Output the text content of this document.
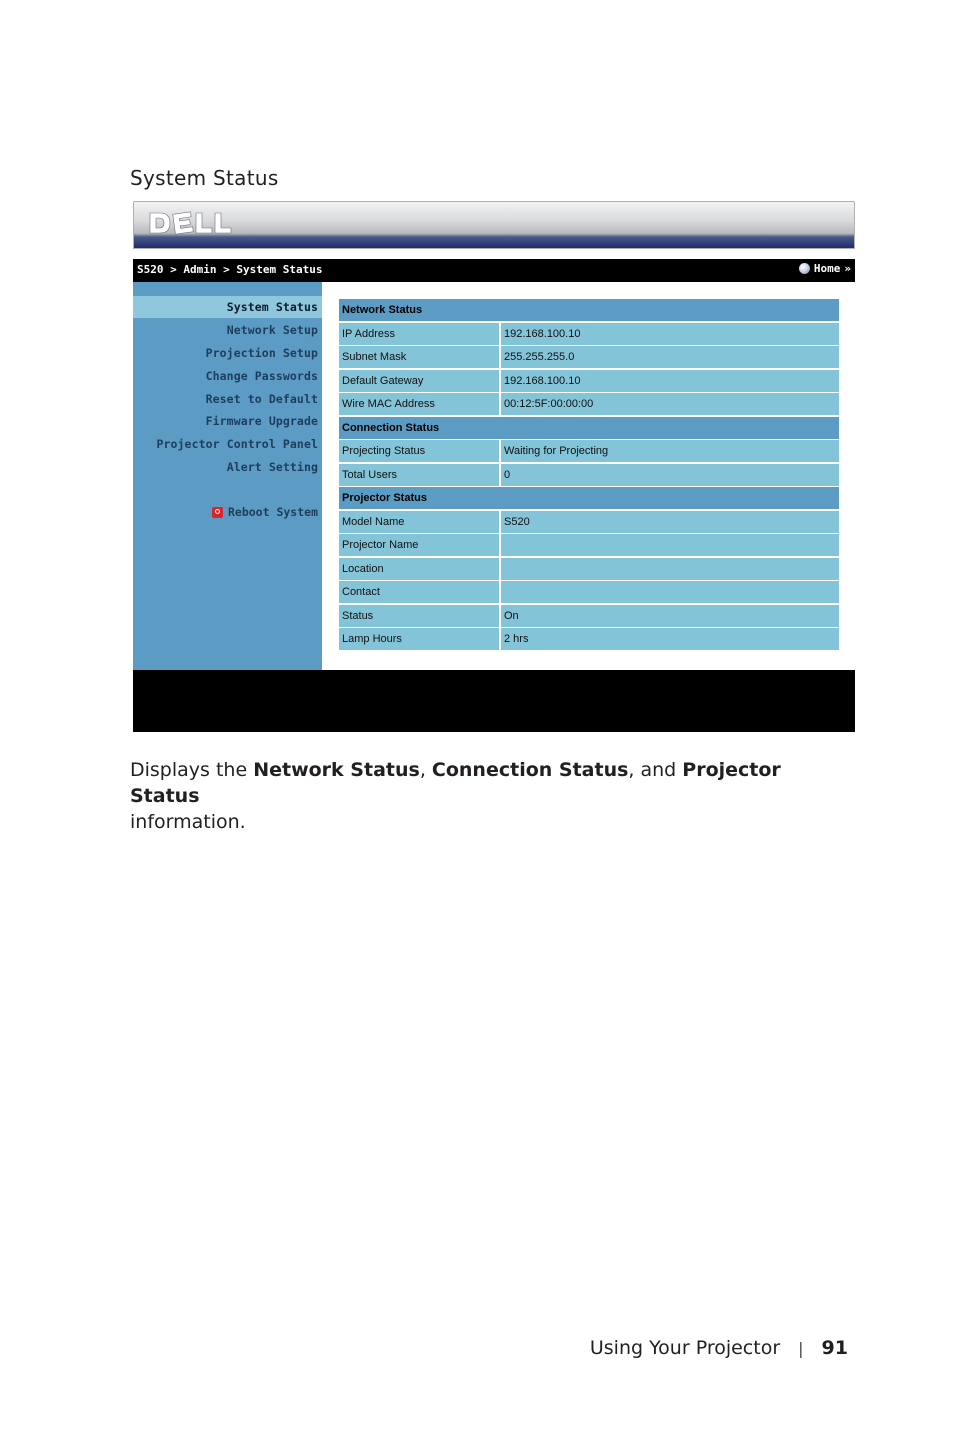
System Status
S520 > Admin > System Status	Home »
System Status
Network Setup
Projection Setup
Change Passwords
Reset to Default
Firmware Upgrade
Projector Control Panel
Alert Setting
Reboot System
Network Status
IP Address	192.168.100.10
Subnet Mask	255.255.255.0
Default Gateway	192.168.100.10
Wire MAC Address	00:12:5F:00:00:00
Connection Status
Projecting Status	Waiting for Projecting
Total Users	0
Projector Status
Model Name	S520
Projector Name
Location
Contact
Status	On
Lamp Hours	2 hrs
Displays the Network Status, Connection Status, and Projector Status
information.
Using Your Projector | 91
